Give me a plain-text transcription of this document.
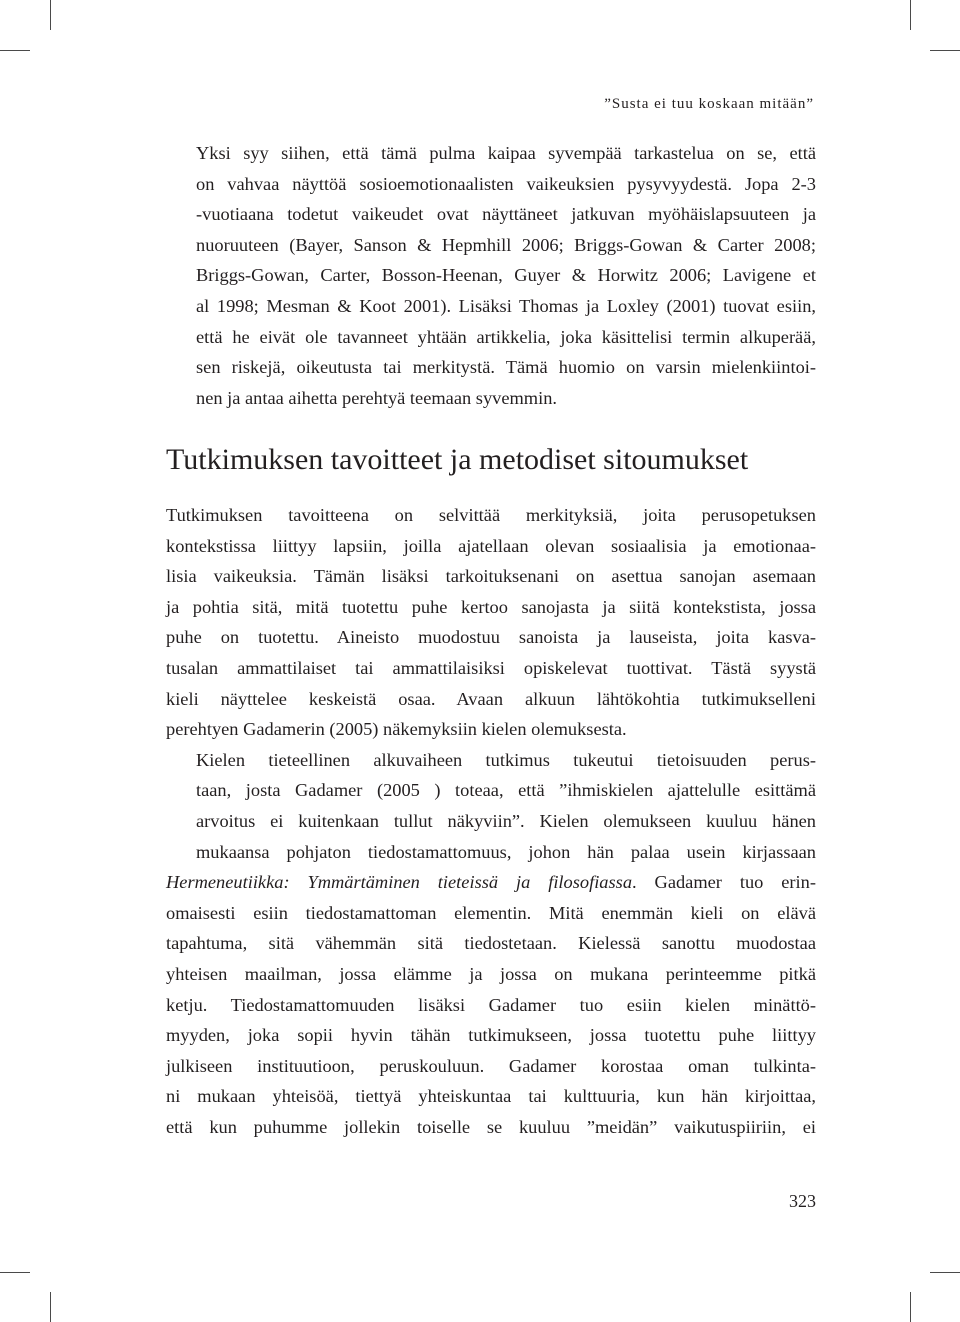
”Susta ei tuu koskaan mitään”

Yksi syy siihen, että tämä pulma kaipaa syvempää tarkastelua on se, että
on vahvaa näyttöä sosioemotionaalisten vaikeuksien pysyvyydestä. Jopa 2-3
-vuotiaana todetut vaikeudet ovat näyttäneet jatkuvan myöhäislapsuuteen ja
nuoruuteen (Bayer, Sanson & Hepmhill 2006; Briggs-Gowan & Carter 2008;
Briggs-Gowan, Carter, Bosson-Heenan, Guyer & Horwitz 2006; Lavigene et
al 1998; Mesman & Koot 2001). Lisäksi Thomas ja Loxley (2001) tuovat esiin,
että he eivät ole tavanneet yhtään artikkelia, joka käsittelisi termin alkuperää,
sen riskejä, oikeutusta tai merkitystä. Tämä huomio on varsin mielenkiintoi-
nen ja antaa aihetta perehtyä teemaan syvemmin.

Tutkimuksen tavoitteet ja metodiset sitoumukset

Tutkimuksen tavoitteena on selvittää merkityksiä, joita perusopetuksen
kontekstissa liittyy lapsiin, joilla ajatellaan olevan sosiaalisia ja emotionaa-
lisia vaikeuksia. Tämän lisäksi tarkoituksenani on asettua sanojan asemaan
ja pohtia sitä, mitä tuotettu puhe kertoo sanojasta ja siitä kontekstista, jossa
puhe on tuotettu. Aineisto muodostuu sanoista ja lauseista, joita kasva-
tusalan ammattilaiset tai ammattilaisiksi opiskelevat tuottivat. Tästä syystä
kieli näyttelee keskeistä osaa. Avaan alkuun lähtökohtia tutkimukselleni
perehtyen Gadamerin (2005) näkemyksiin kielen olemuksesta.

Kielen tieteellinen alkuvaiheen tutkimus tukeutui tietoisuuden perus-
taan, josta Gadamer (2005 ) toteaa, että ”ihmiskielen ajattelulle esittämä
arvoitus ei kuitenkaan tullut näkyviin”. Kielen olemukseen kuuluu hänen
mukaansa pohjaton tiedostamattomuus, johon hän palaa usein kirjassaan
Hermeneutiikka: Ymmärtäminen tieteissä ja filosofiassa. Gadamer tuo erin-
omaisesti esiin tiedostamattoman elementin. Mitä enemmän kieli on elävä
tapahtuma, sitä vähemmän sitä tiedostetaan. Kielessä sanottu muodostaa
yhteisen maailman, jossa elämme ja jossa on mukana perinteemme pitkä
ketju. Tiedostamattomuuden lisäksi Gadamer tuo esiin kielen minättö-
myyden, joka sopii hyvin tähän tutkimukseen, jossa tuotettu puhe liittyy
julkiseen instituutioon, peruskouluun. Gadamer korostaa oman tulkinta-
ni mukaan yhteisöä, tiettyä yhteiskuntaa tai kulttuuria, kun hän kirjoittaa,
että kun puhumme jollekin toiselle se kuuluu ”meidän” vaikutuspiiriin, ei

323
